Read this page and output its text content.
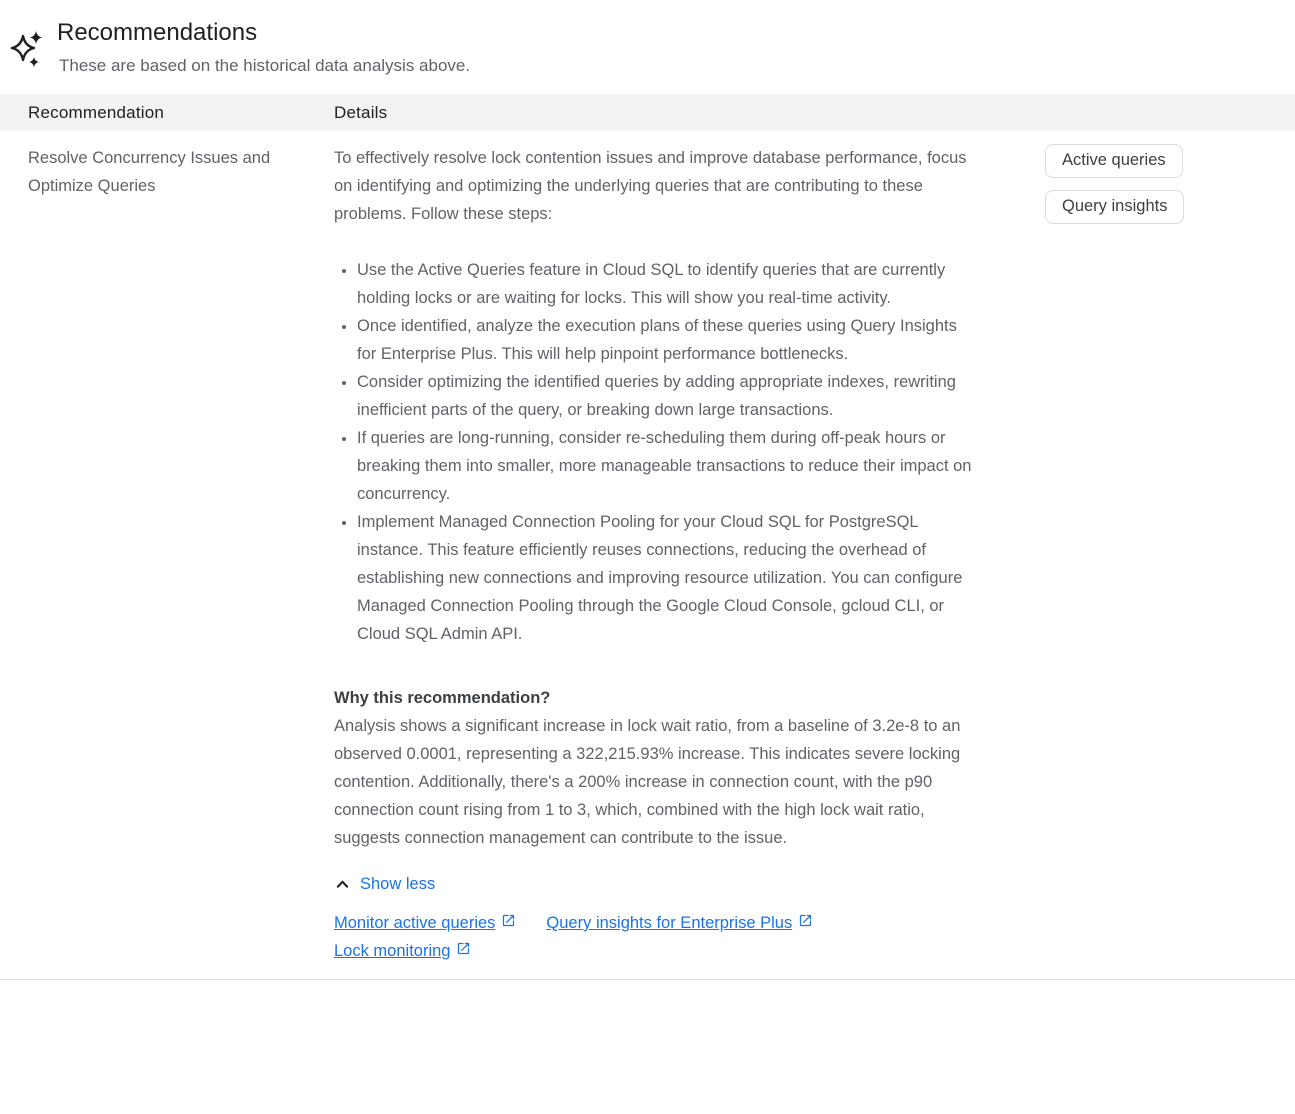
Recommendations

These are based on the historical data analysis above.

Recommendation	Details
Resolve Concurrency Issues and Optimize Queries

To effectively resolve lock contention issues and improve database performance, focus on identifying and optimizing the underlying queries that are contributing to these problems. Follow these steps:

• Use the Active Queries feature in Cloud SQL to identify queries that are currently holding locks or are waiting for locks. This will show you real-time activity.
• Once identified, analyze the execution plans of these queries using Query Insights for Enterprise Plus. This will help pinpoint performance bottlenecks.
• Consider optimizing the identified queries by adding appropriate indexes, rewriting inefficient parts of the query, or breaking down large transactions.
• If queries are long-running, consider re-scheduling them during off-peak hours or breaking them into smaller, more manageable transactions to reduce their impact on concurrency.
• Implement Managed Connection Pooling for your Cloud SQL for PostgreSQL instance. This feature efficiently reuses connections, reducing the overhead of establishing new connections and improving resource utilization. You can configure Managed Connection Pooling through the Google Cloud Console, gcloud CLI, or Cloud SQL Admin API.

Why this recommendation?

Analysis shows a significant increase in lock wait ratio, from a baseline of 3.2e-8 to an observed 0.0001, representing a 322,215.93% increase. This indicates severe locking contention. Additionally, there's a 200% increase in connection count, with the p90 connection count rising from 1 to 3, which, combined with the high lock wait ratio, suggests connection management can contribute to the issue.

Show less
Monitor active queries	Query insights for Enterprise Plus
Lock monitoring
Active queries
Query insights
